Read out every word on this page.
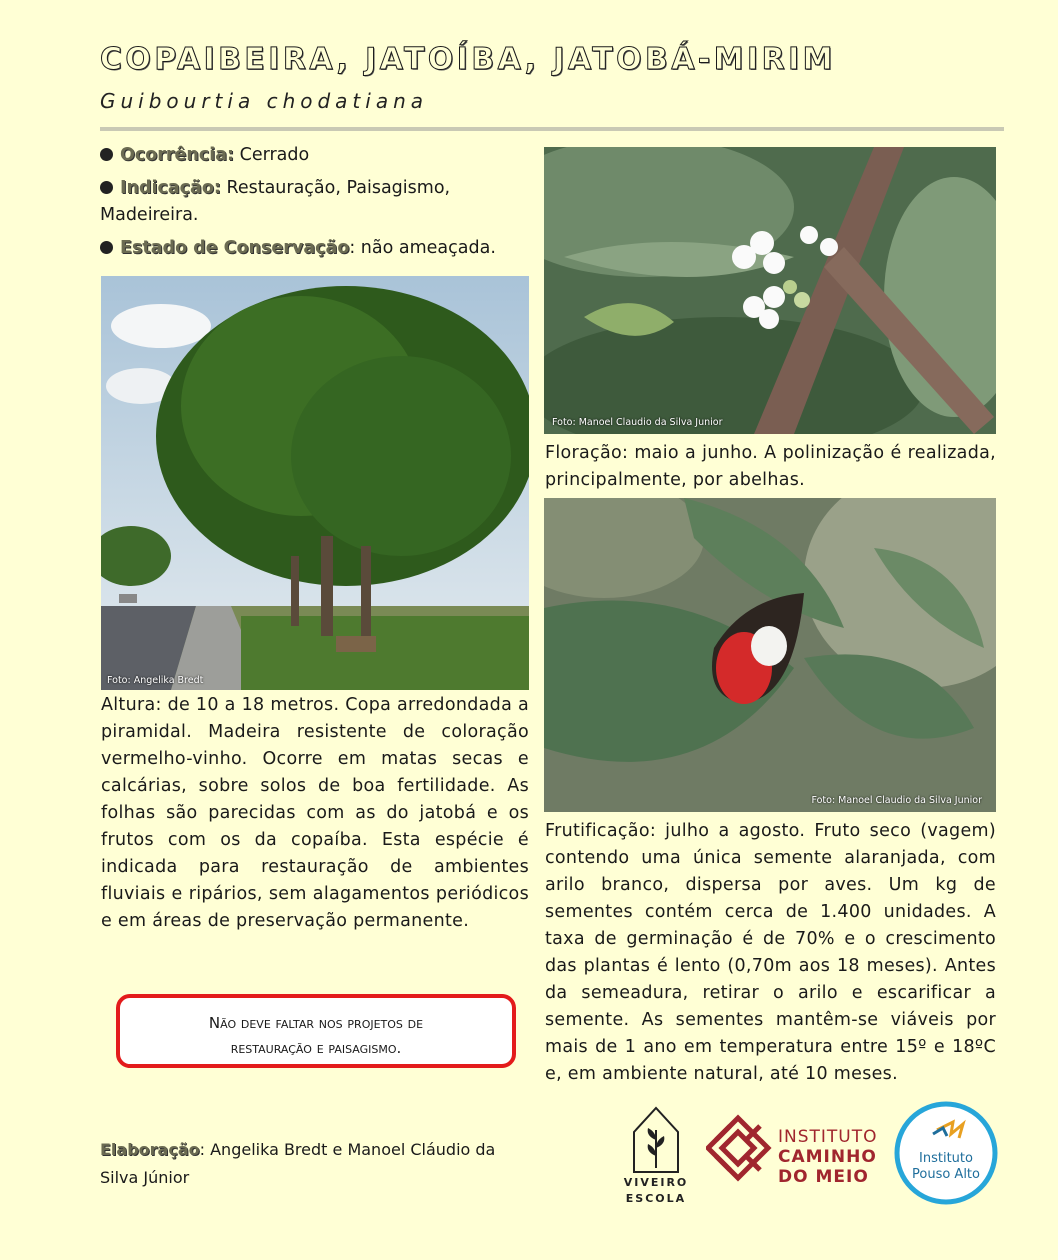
COPAIBEIRA, JATOÍBA, JATOBÁ-MIRIM
Guibourtia chodatiana
Ocorrência: Cerrado
Indicação: Restauração, Paisagismo, Madeireira.
Estado de Conservação: não ameaçada.
Foto: Angelika Bredt
Altura: de 10 a 18 metros. Copa arredondada a piramidal. Madeira resistente de coloração vermelho-vinho. Ocorre em matas secas e calcárias, sobre solos de boa fertilidade. As folhas são parecidas com as do jatobá e os frutos com os da copaíba. Esta espécie é indicada para restauração de ambientes fluviais e ripários, sem alagamentos periódicos e em áreas de preservação permanente.
Foto: Manoel Claudio da Silva Junior
Floração: maio a junho. A polinização é realizada, principalmente, por abelhas.
Foto: Manoel Claudio da Silva Junior
Frutificação: julho a agosto. Fruto seco (vagem) contendo uma única semente alaranjada, com arilo branco, dispersa por aves. Um kg de sementes contém cerca de 1.400 unidades. A taxa de germinação é de 70% e o crescimento das plantas é lento (0,70m aos 18 meses). Antes da semeadura, retirar o arilo e escarificar a semente. As sementes mantêm-se viáveis por mais de 1 ano em temperatura entre 15º e 18ºC e, em ambiente natural, até 10 meses.
Não deve faltar nos projetos de
restauração e paisagismo.
Elaboração: Angelika Bredt e Manoel Cláudio da Silva Júnior	VIVEIRO
ESCOLA
INSTITUTO
CAMINHO
DO MEIO
Instituto
Pouso Alto
